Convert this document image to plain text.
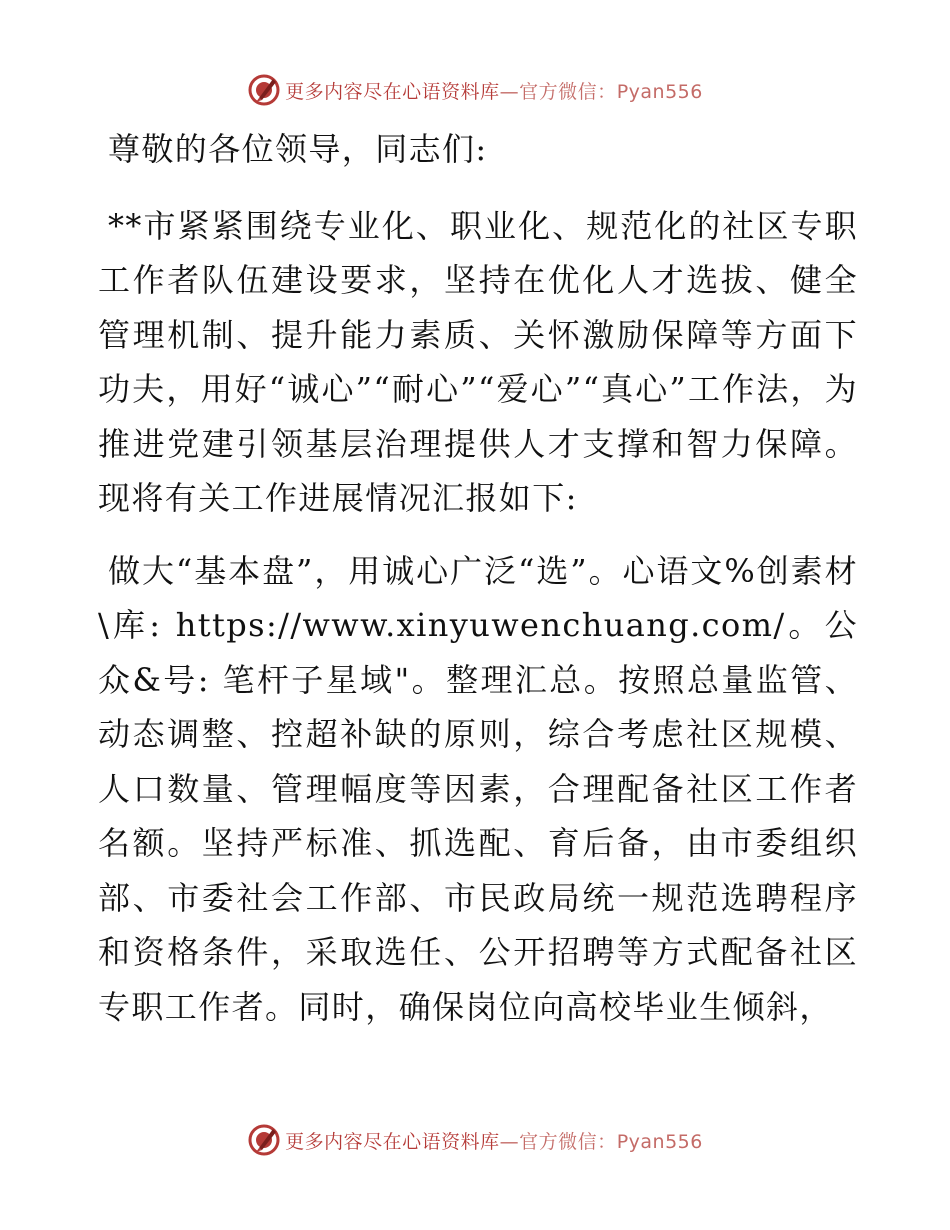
更多内容尽在心语资料库—官方微信：Pyan556

尊敬的各位领导，同志们:

**市紧紧围绕专业化、职业化、规范化的社区专职工作者队伍建设要求，坚持在优化人才选拔、健全管理机制、提升能力素质、关怀激励保障等方面下功夫，用好“诚心”“耐心”“爱心”“真心”工作法，为推进党建引领基层治理提供人才支撑和智力保障。现将有关工作进展情况汇报如下:

做大“基本盘”，用诚心广泛“选”。心语文%创素材\库: https://www.xinyuwenchuang.com/。公众&号: 笔杆子星域"。整理汇总。按照总量监管、动态调整、控超补缺的原则，综合考虑社区规模、人口数量、管理幅度等因素，合理配备社区工作者名额。坚持严标准、抓选配、育后备，由市委组织部、市委社会工作部、市民政局统一规范选聘程序和资格条件，采取选任、公开招聘等方式配备社区专职工作者。同时，确保岗位向高校毕业生倾斜，

更多内容尽在心语资料库—官方微信：Pyan556
